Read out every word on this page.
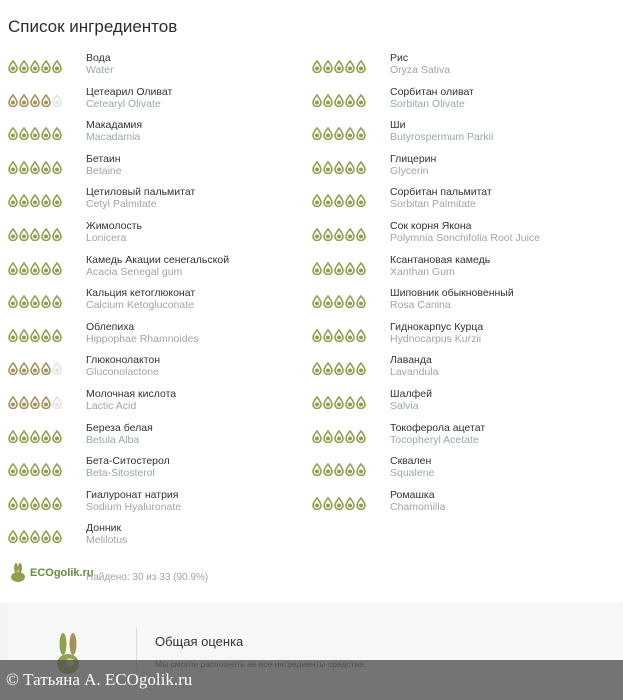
Список ингредиентов
Вода
Water
Цетеарил Оливат
Cetearyl Olivate
Макадамия
Macadamia
Бетаин
Betaine
Цетиловый пальмитат
Cetyl Palmitate
Жимолость
Lonicera
Камедь Акации сенегальской
Acacia Senegal gum
Кальция кетоглюконат
Calcium Ketogluconate
Облепиха
Hippophae Rhamnoides
Глюконолактон
Gluconolactone
Молочная кислота
Lactic Acid
Береза белая
Betula Alba
Бета-Ситостерол
Beta-Sitosterol
Гиалуронат натрия
Sodium Hyaluronate
Донник
Melilotus
Рис
Oryza Sativa
Сорбитан оливат
Sorbitan Olivate
Ши
Butyrospermum Parkii
Глицерин
Glycerin
Сорбитан пальмитат
Sorbitan Palmitate
Сок корня Якона
Polymnia Sonchifolia Root Juice
Ксантановая камедь
Xanthan Gum
Шиповник обыкновенный
Rosa Canina
Гиднокарпус Курца
Hydnocarpus Kurzii
Лаванда
Lavandula
Шалфей
Salvia
Токоферола ацетат
Tocopheryl Acetate
Сквален
Squalene
Ромашка
Chamomilla
ECOgolik.ru
Найдено: 30 из 33 (90.9%)
Общая оценка
© Татьяна А. ECOgolik.ru
